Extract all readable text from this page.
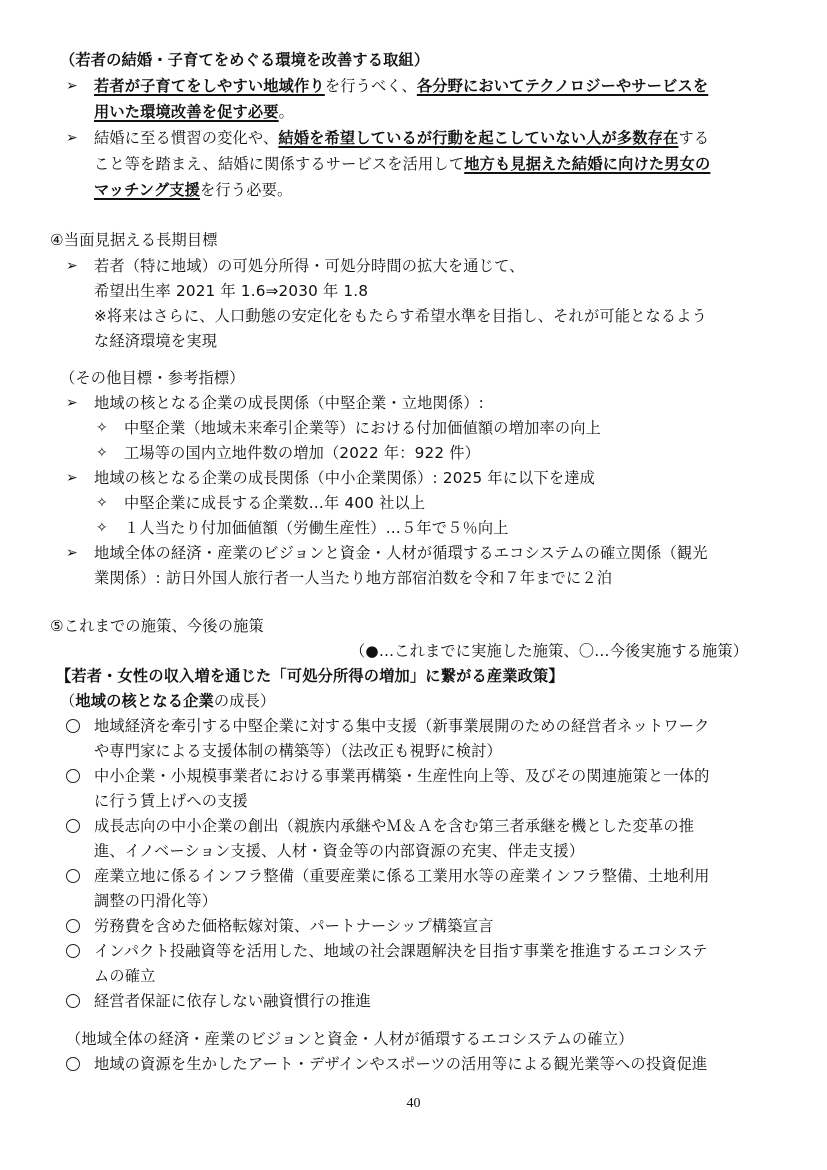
（若者の結婚・子育てをめぐる環境を改善する取組）
➢ 若者が子育てをしやすい地域作りを行うべく、各分野においてテクノロジーやサービスを
用いた環境改善を促す必要。
➢ 結婚に至る慣習の変化や、結婚を希望しているが行動を起こしていない人が多数存在する
こと等を踏まえ、結婚に関係するサービスを活用して地方も見据えた結婚に向けた男女の
マッチング支援を行う必要。
④当面見据える長期目標
➢ 若者（特に地域）の可処分所得・可処分時間の拡大を通じて、
希望出生率 2021 年 1.6⇒2030 年 1.8
※将来はさらに、人口動態の安定化をもたらす希望水準を目指し、それが可能となるよう
な経済環境を実現
（その他目標・参考指標）
➢ 地域の核となる企業の成長関係（中堅企業・立地関係）:
✧ 中堅企業（地域未来牽引企業等）における付加価値額の増加率の向上
✧ 工場等の国内立地件数の増加（2022 年：922 件）
➢ 地域の核となる企業の成長関係（中小企業関係）: 2025 年に以下を達成
✧ 中堅企業に成長する企業数…年 400 社以上
✧ １人当たり付加価値額（労働生産性）…５年で５％向上
➢ 地域全体の経済・産業のビジョンと資金・人材が循環するエコシステムの確立関係（観光
業関係）: 訪日外国人旅行者一人当たり地方部宿泊数を令和７年までに２泊
⑤これまでの施策、今後の施策
（●…これまでに実施した施策、〇…今後実施する施策）
【若者・女性の収入増を通じた「可処分所得の増加」に繋がる産業政策】
（地域の核となる企業の成長）
地域経済を牽引する中堅企業に対する集中支援（新事業展開のための経営者ネットワーク
や専門家による支援体制の構築等）（法改正も視野に検討）
中小企業・小規模事業者における事業再構築・生産性向上等、及びその関連施策と一体的
に行う賃上げへの支援
成長志向の中小企業の創出（親族内承継やＭ＆Ａを含む第三者承継を機とした変革の推
進、イノベーション支援、人材・資金等の内部資源の充実、伴走支援）
産業立地に係るインフラ整備（重要産業に係る工業用水等の産業インフラ整備、土地利用
調整の円滑化等）
労務費を含めた価格転嫁対策、パートナーシップ構築宣言
インパクト投融資等を活用した、地域の社会課題解決を目指す事業を推進するエコシステ
ムの確立
経営者保証に依存しない融資慣行の推進
（地域全体の経済・産業のビジョンと資金・人材が循環するエコシステムの確立）
地域の資源を生かしたアート・デザインやスポーツの活用等による観光業等への投資促進
40
